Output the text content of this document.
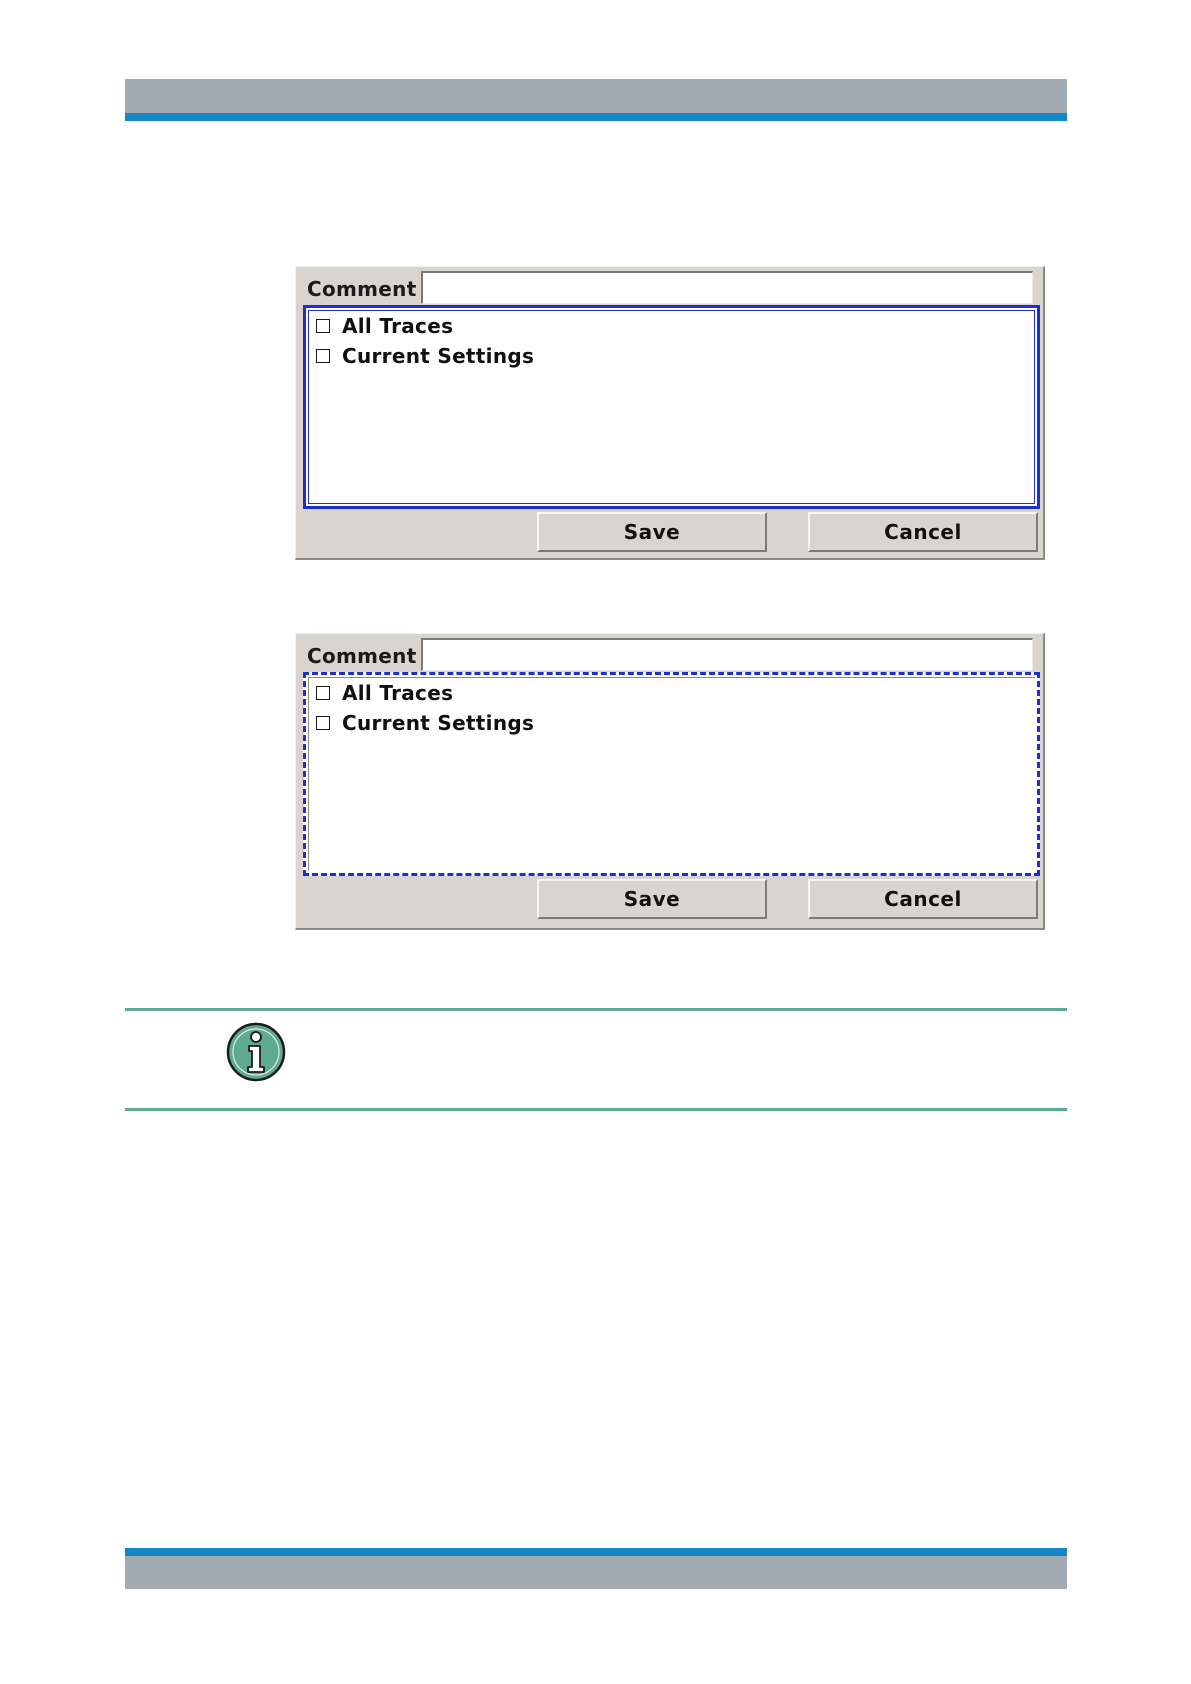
Comment
All Traces
Current Settings
Save	Cancel
Comment
All Traces
Current Settings
Save	Cancel
